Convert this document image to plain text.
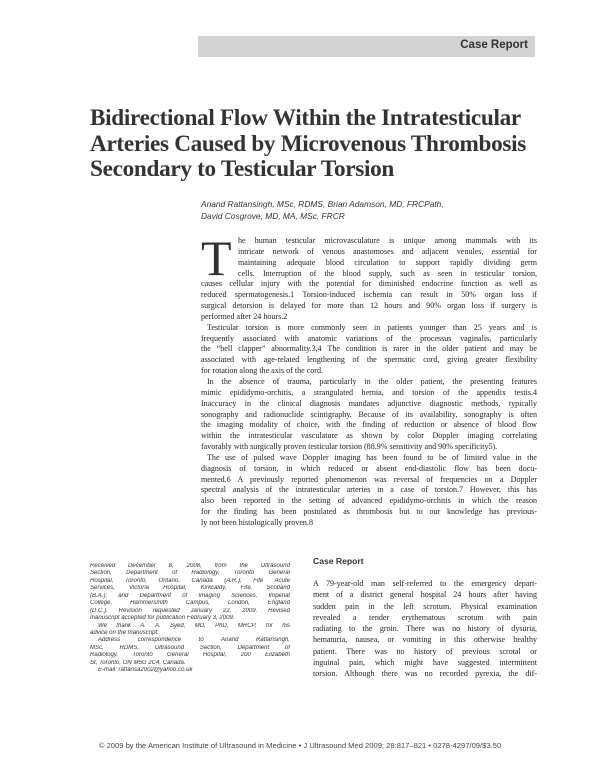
Case Report
Bidirectional Flow Within the Intratesticular
Arteries Caused by Microvenous Thrombosis
Secondary to Testicular Torsion
Anand Rattansingh, MSc, RDMS, Brian Adamson, MD, FRCPath,
David Cosgrove, MD, MA, MSc, FRCR
T he human testicular microvasculature is unique among mammals with its
intricate network of venous anastomoses and adjacent venules, essential for
maintaining adequate blood circulation to support rapidly dividing germ
cells. Interruption of the blood supply, such as seen in testicular torsion,
causes cellular injury with the potential for diminished endocrine function as well as
reduced spermatogenesis.1 Torsion-induced ischemia can result in 50% organ loss if
surgical detorsion is delayed for more than 12 hours and 90% organ loss if surgery is
performed after 24 hours.2
Testicular torsion is more commonly seen in patients younger than 25 years and is
frequently associated with anatomic variations of the processus vaginalis, particularly
the “bell clapper” abnormality.3,4 The condition is rarer in the older patient and may be
associated with age-related lengthening of the spermatic cord, giving greater flexibility
for rotation along the axis of the cord.
In the absence of trauma, particularly in the older patient, the presenting features
mimic epididymo-orchitis, a strangulated hernia, and torsion of the appendix testis.4
Inaccuracy in the clinical diagnosis mandates adjunctive diagnostic methods, typically
sonography and radionuclide scintigraphy. Because of its availability, sonography is often
the imaging modality of choice, with the finding of reduction or absence of blood flow
within the intratesticular vasculature as shown by color Doppler imaging correlating
favorably with surgically proven testicular torsion (88.9% sensitivity and 90% specificity5).
The use of pulsed wave Doppler imaging has been found to be of limited value in the
diagnosis of torsion, in which reduced or absent end-diastolic flow has been docu-
mented.6 A previously reported phenomenon was reversal of frequencies on a Doppler
spectral analysis of the intratesticular arteries in a case of torsion.7 However, this has
also been reported in the setting of advanced epididymo-orchitis in which the reason
for the finding has been postulated as thrombosis but to our knowledge has previous-
ly not been histologically proven.8
Received December 8, 2008, from the Ultrasound
Section, Department of Radiology, Toronto General
Hospital, Toronto, Ontario, Canada (A.R.); Fife Acute
Services, Victoria Hospital, Kirkcaldy, Fife, Scotland
(B.A.); and Department of Imaging Sciences, Imperial
College, Hammersmith Campus, London, England
(D.C.). Revision requested January 22, 2009. Revised
manuscript accepted for publication February 3, 2009.
We thank A. A. Syed, MD, PhD, MRCP, for his
advice on the manuscript.
Address correspondence to Anand Rattansingh,
MSc, RDMS, Ultrasound Section, Department of
Radiology, Toronto General Hospital, 200 Elizabeth
St, Toronto, ON M5G 2C4, Canada.
E-mail: rattansa2002@yahoo.co.uk
Case Report
A 79-year-old man self-referred to the emergency depart-
ment of a district general hospital 24 hours after having
sudden pain in the left scrotum. Physical examination
revealed a tender erythematous scrotum with pain
radiating to the groin. There was no history of dysuria,
hematuria, nausea, or vomiting in this otherwise healthy
patient. There was no history of previous scrotal or
inguinal pain, which might have suggested intermittent
torsion. Although there was no recorded pyrexia, the dif-
© 2009 by the American Institute of Ultrasound in Medicine • J Ultrasound Med 2009; 28:817–821 • 0278-4297/09/$3.50
